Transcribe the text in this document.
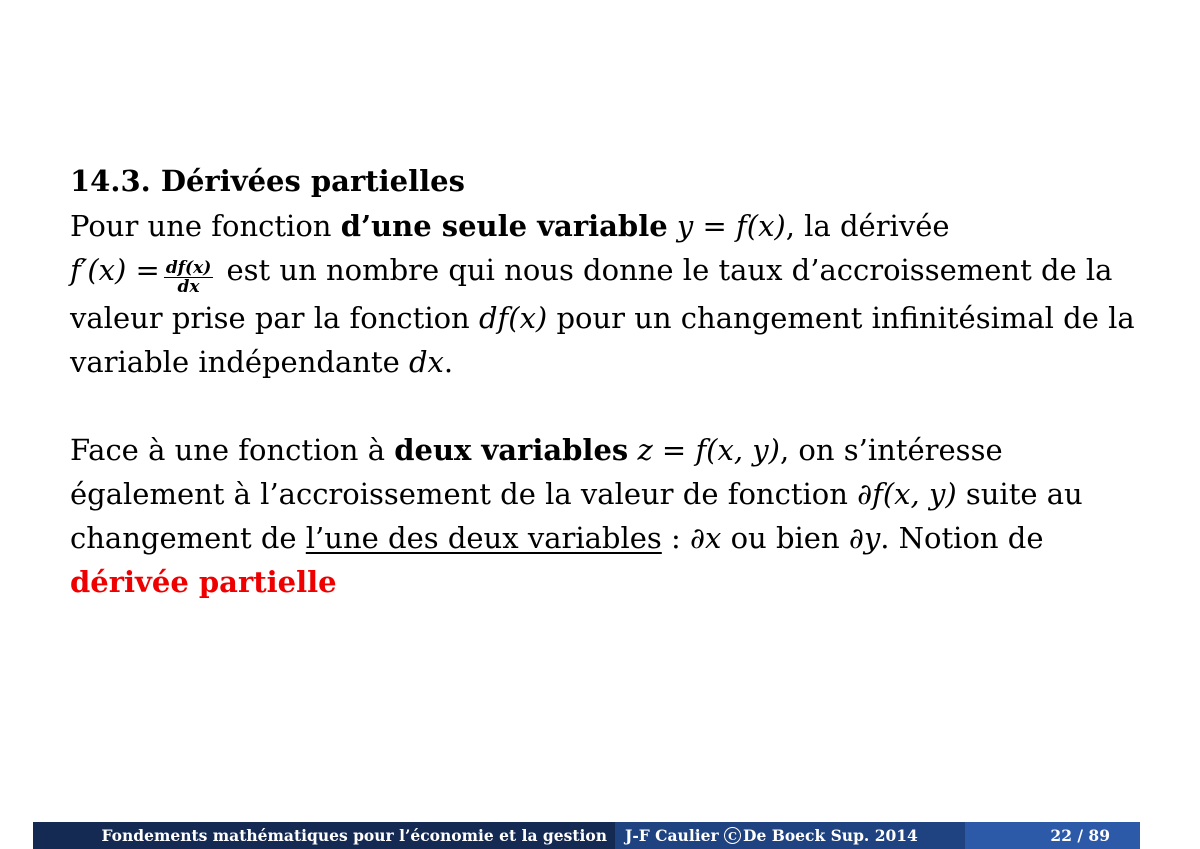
14.3. Dérivées partielles

Pour une fonction d’une seule variable y = f(x), la dérivée
$f'(x) = \frac{df(x)}{dx}$ est un nombre qui nous donne le taux d’accroissement de la valeur prise par la fonction df(x) pour un changement infinitésimal de la variable indépendante dx.

Face à une fonction à deux variables z = f(x, y), on s’intéresse également à l’accroissement de la valeur de fonction ∂f(x, y) suite au changement de l’une des deux variables : ∂x ou bien ∂y. Notion de
dérivée partielle

Fondements mathématiques pour l’économie et la gestion	J-F Caulier
C De Boeck Sup. 2014	22 / 89
